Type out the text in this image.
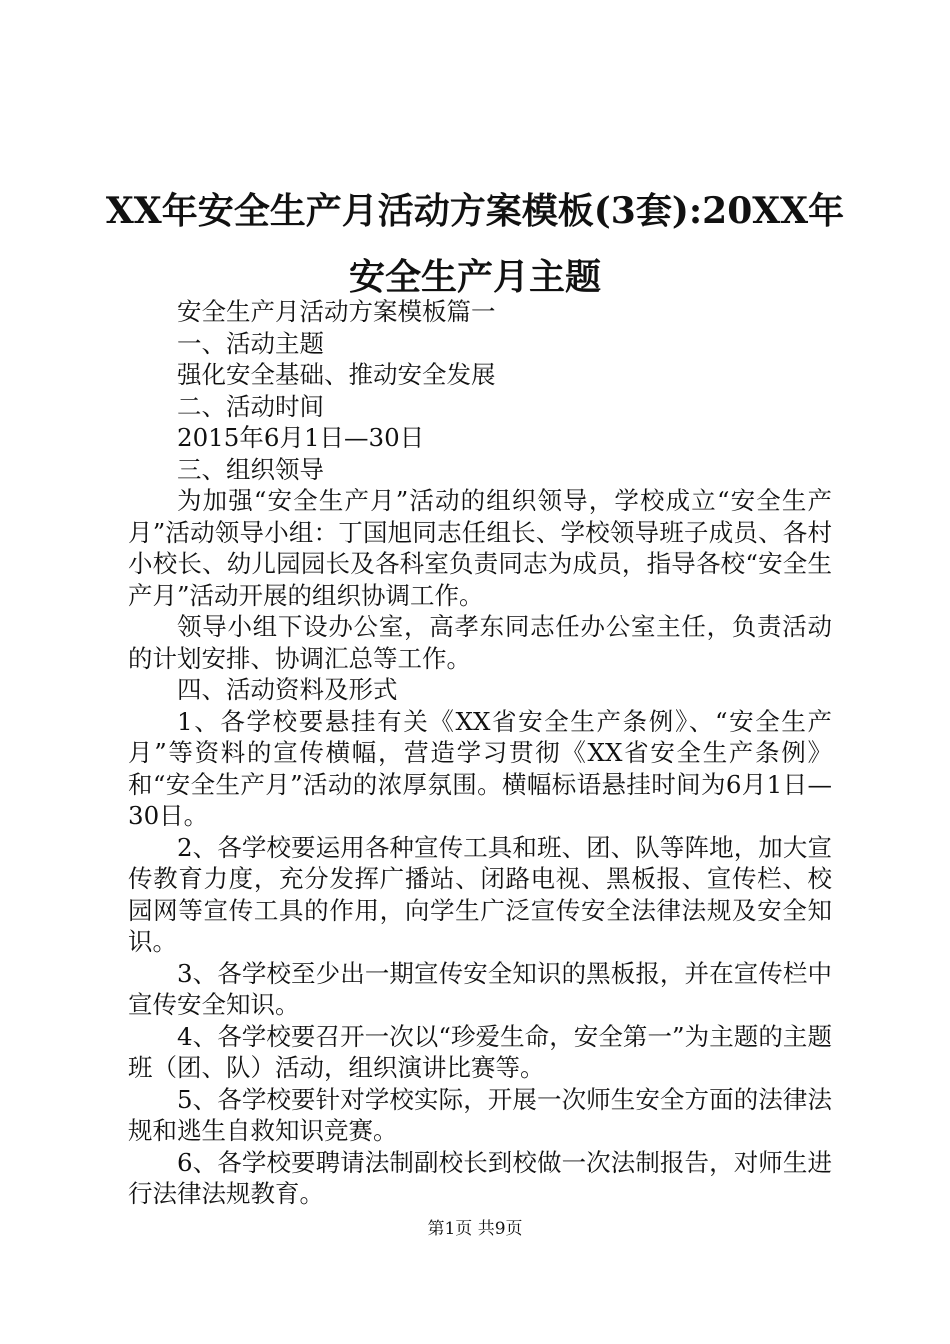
XX年安全生产月活动方案模板(3套):20XX年安全生产月主题

安全生产月活动方案模板篇一

一、活动主题

强化安全基础、推动安全发展

二、活动时间

2015年6月1日—30日

三、组织领导

为加强“安全生产月”活动的组织领导，学校成立“安全生产月”活动领导小组：丁国旭同志任组长、学校领导班子成员、各村小校长、幼儿园园长及各科室负责同志为成员，指导各校“安全生产月”活动开展的组织协调工作。

领导小组下设办公室，高孝东同志任办公室主任，负责活动的计划安排、协调汇总等工作。

四、活动资料及形式

1、各学校要悬挂有关《XX省安全生产条例》、“安全生产月”等资料的宣传横幅，营造学习贯彻《XX省安全生产条例》和“安全生产月”活动的浓厚氛围。横幅标语悬挂时间为6月1日—30日。

2、各学校要运用各种宣传工具和班、团、队等阵地，加大宣传教育力度，充分发挥广播站、闭路电视、黑板报、宣传栏、校园网等宣传工具的作用，向学生广泛宣传安全法律法规及安全知识。

3、各学校至少出一期宣传安全知识的黑板报，并在宣传栏中宣传安全知识。

4、各学校要召开一次以“珍爱生命，安全第一”为主题的主题班（团、队）活动，组织演讲比赛等。

5、各学校要针对学校实际，开展一次师生安全方面的法律法规和逃生自救知识竞赛。

6、各学校要聘请法制副校长到校做一次法制报告，对师生进行法律法规教育。

第1页 共9页
